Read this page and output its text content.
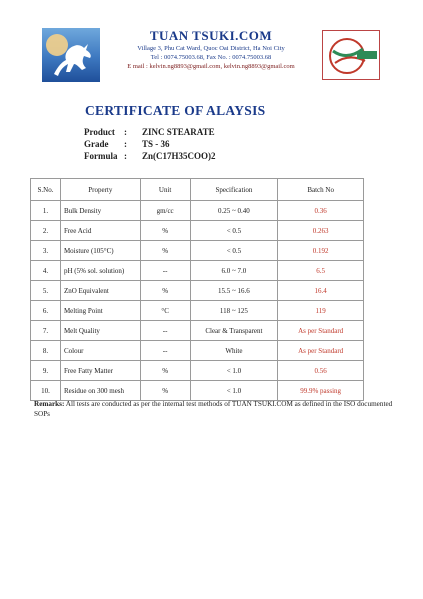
TUAN TSUKI.COM
Village 3, Phu Cat Ward, Quoc Oai District, Ha Noi City
Tel : 0074.75003.68, Fax No. : 0074.75003.68
E mail : kelvin.ng8893@gmail.com, kelvin.ng8893@gmail.com
CERTIFICATE OF ALAYSIS
Product	:	ZINC STEARATE
Grade	:	TS - 36
Formula :	Zn(C17H35COO)2
S.No.	Property	Unit	Specification	Batch No
1.	Bulk Density	gm/cc	0.25 ~ 0.40	0.36
2.	Free Acid	%	< 0.5	0.263
3.	Moisture (105°C)	%	< 0.5	0.192
4.	pH (5% sol. solution)	--	6.0 ~ 7.0	6.5
5.	ZnO Equivalent	%	15.5 ~ 16.6	16.4
6.	Melting Point	°C	118 ~ 125	119
7.	Melt Quality	--	Clear & Transparent	As per Standard
8.	Colour	--	White	As per Standard
9.	Free Fatty Matter	%	< 1.0	0.56
10.	Residue on 300 mesh	%	< 1.0	99.9% passing
Remarks: All tests are conducted as per the internal test methods of TUAN TSUKI.COM as defined in the ISO documented SOPs
